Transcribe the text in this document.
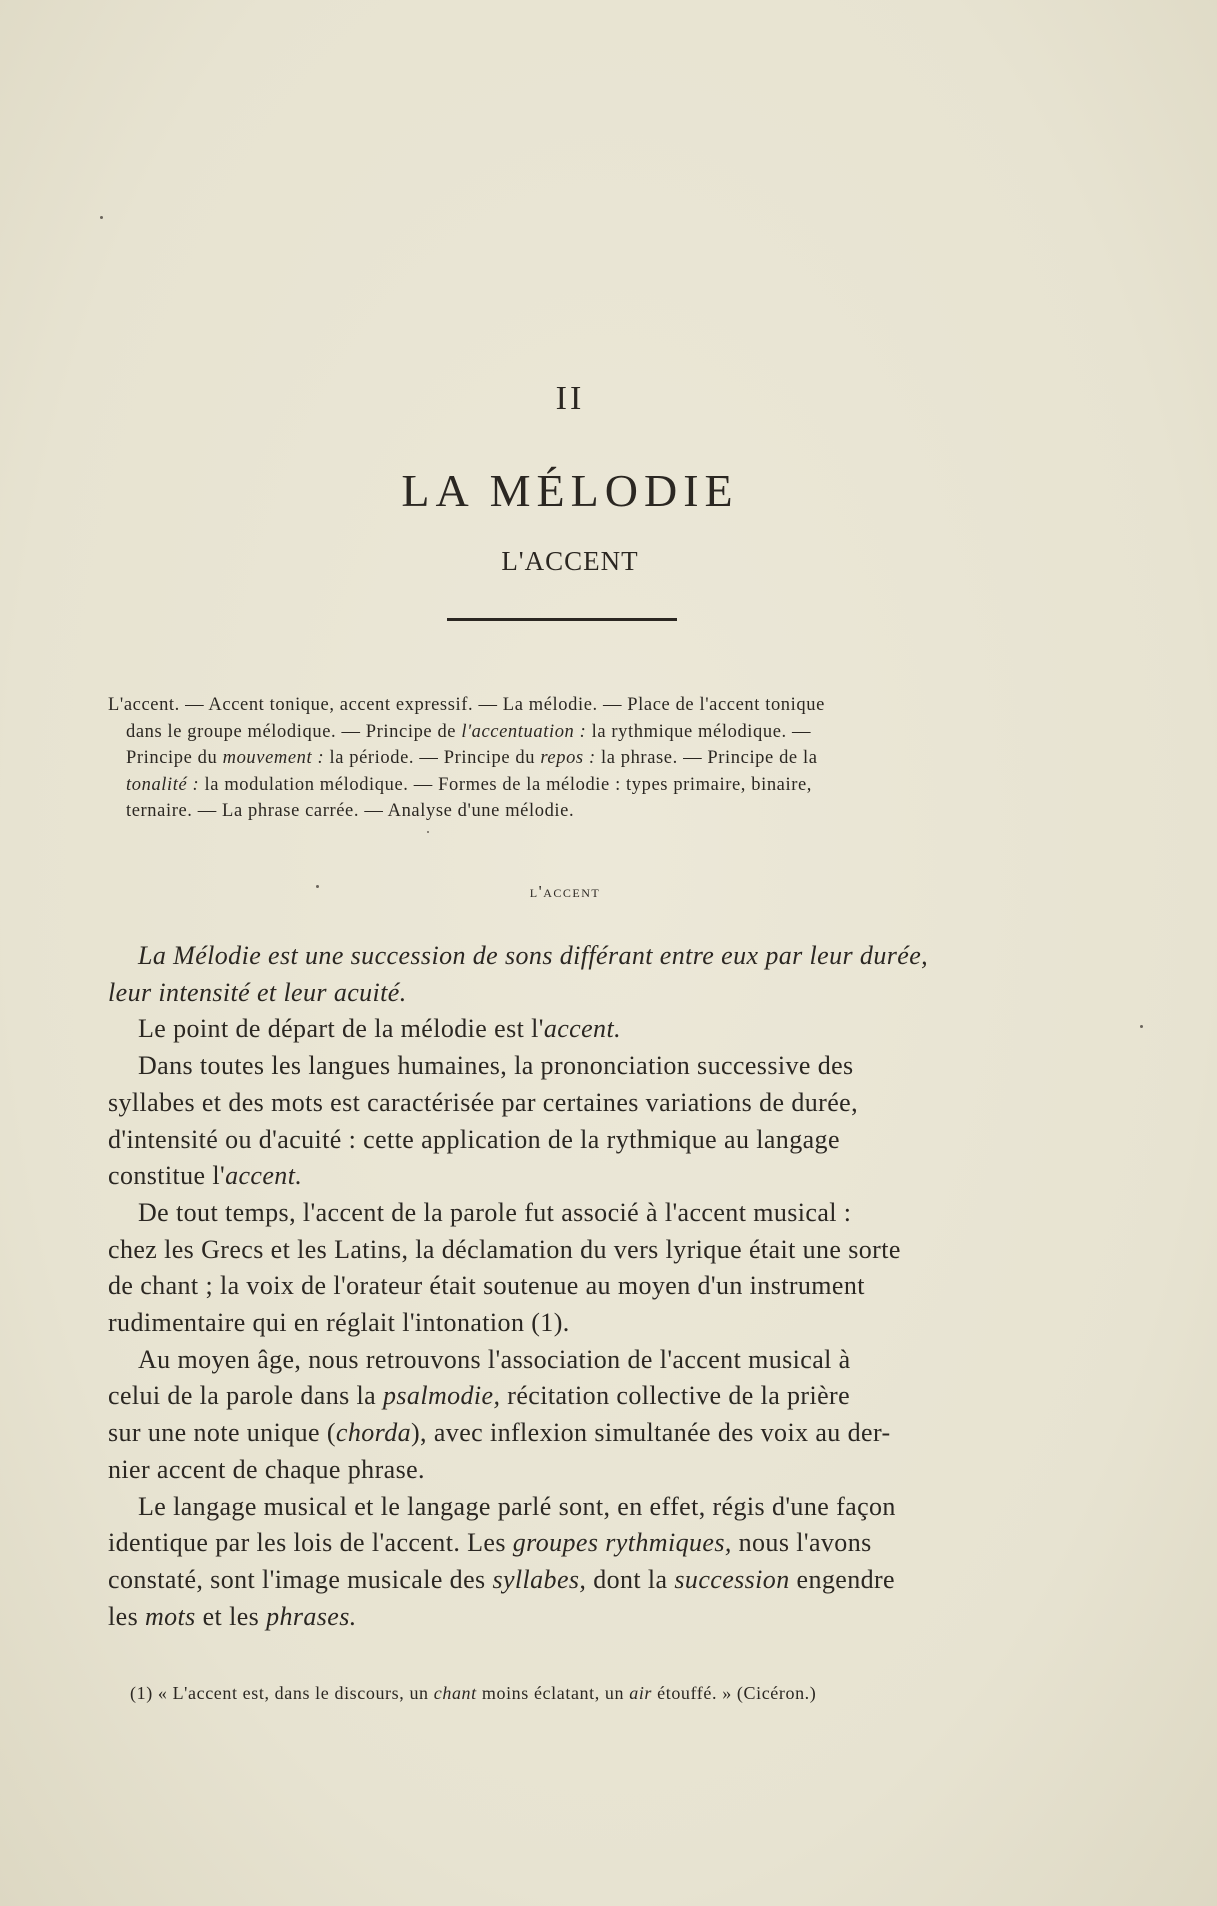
II
LA MÉLODIE
L'ACCENT
L'accent. — Accent tonique, accent expressif. — La mélodie. — Place de l'accent tonique
dans le groupe mélodique. — Principe de l'accentuation : la rythmique mélodique. —
Principe du mouvement : la période. — Principe du repos : la phrase. — Principe de la
tonalité : la modulation mélodique. — Formes de la mélodie : types primaire, binaire,
ternaire. — La phrase carrée. — Analyse d'une mélodie.
l'accent
La Mélodie est une succession de sons différant entre eux par leur durée,
leur intensité et leur acuité.
Le point de départ de la mélodie est l'accent.
Dans toutes les langues humaines, la prononciation successive des
syllabes et des mots est caractérisée par certaines variations de durée,
d'intensité ou d'acuité : cette application de la rythmique au langage
constitue l'accent.
De tout temps, l'accent de la parole fut associé à l'accent musical :
chez les Grecs et les Latins, la déclamation du vers lyrique était une sorte
de chant ; la voix de l'orateur était soutenue au moyen d'un instrument
rudimentaire qui en réglait l'intonation (1).
Au moyen âge, nous retrouvons l'association de l'accent musical à
celui de la parole dans la psalmodie, récitation collective de la prière
sur une note unique (chorda), avec inflexion simultanée des voix au der-
nier accent de chaque phrase.
Le langage musical et le langage parlé sont, en effet, régis d'une façon
identique par les lois de l'accent. Les groupes rythmiques, nous l'avons
constaté, sont l'image musicale des syllabes, dont la succession engendre
les mots et les phrases.
(1) « L'accent est, dans le discours, un chant moins éclatant, un air étouffé. » (Cicéron.)
